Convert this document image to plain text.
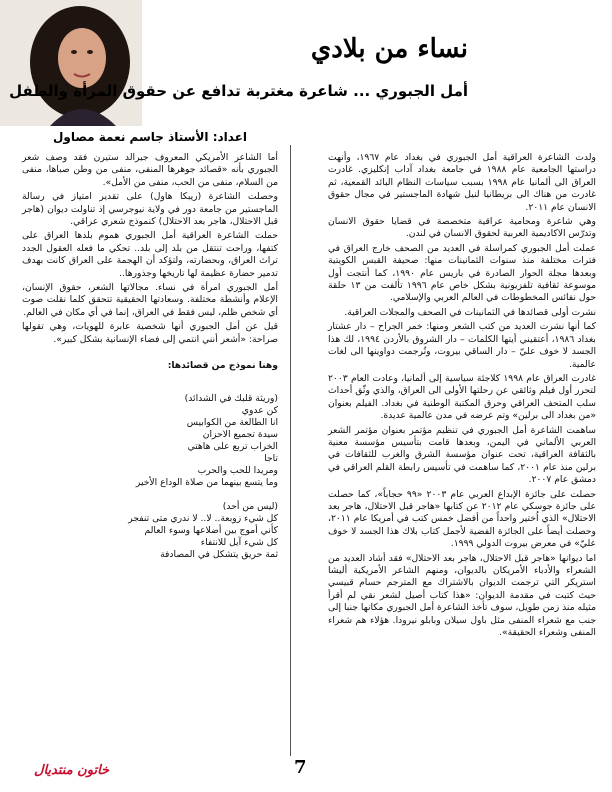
نساء من بلادي
أمل الجبوري ... شاعرة مغتربة تدافع عن حقوق المرأة والطفل
اعداد: الأستاذ جاسم نعمة مصاول

ولدت الشاعرة العراقية أمل الجبوري في بغداد عام ١٩٦٧، وأنهت دراستها الجامعية عام ١٩٨٨ في جامعة بغداد آداب إنكليزي. غادرت العراق الى ألمانيا عام ١٩٩٨ بسبب سياسات النظام البائد القمعية، ثم غادرت من هناك الى بريطانيا لنيل شهادة الماجستير في مجال حقوق الانسان عام ٢٠١١.

وهي شاعرة ومحامية عراقية متخصصة في قضايا حقوق الانسان وتدرّس الاكاديمية العربية لحقوق الانسان في لندن.

عملت أمل الجبوري كمراسلة في العديد من الصحف خارج العراق في فترات مختلفة منذ سنوات الثمانينات منها: صحيفة القبس الكويتية وبعدها مجلة الحوار الصادرة في باريس عام ١٩٩٠، كما أنتجت أول موسوعة ثقافية تلفزيونية بشكل خاص عام ١٩٩٦ تألفت من ١٣ حلقة حول نفائس المخطوطات في العالم العربي والإسلامي.

نشرت أولى قصائدها في الثمانينات في الصحف والمجلات العراقية.

كما أنها نشرت العديد من كتب الشعر ومنها: خمر الجراح – دار عشتار بغداد ١٩٨٦، أعتقيني أيتها الكلمات – دار الشروق بالأردن ١٩٩٤، لك هذا الجسد لا خوف عليّ – دار الساقي بيروت، وتُرجمت دواوينها الى لغات عالمية.

غادرت العراق عام ١٩٩٨ كلاجئة سياسية إلى ألمانيا، وعادت العام ٢٠٠٣ لتحرر أول فيلم وثائقي عن رحلتها الأولى الى العراق، والذي وثّق أحداث سلب المتحف العراقي وحرق المكتبة الوطنية في بغداد. الفيلم بعنوان «من بغداد الى برلين» وتم عرضه في مدن عالمية عديدة.

ساهمت الشاعرة أمل الجبوري في تنظيم مؤتمر بعنوان مؤتمر الشعر العربي الألماني في اليمن، وبعدها قامت بتأسيس مؤسسة معنية بالثقافة العراقية، تحت عنوان مؤسسة الشرق والغرب للثقافات في برلين منذ عام ٢٠٠١، كما ساهمت في تأسيس رابطة القلم العراقي في دمشق عام ٢٠٠٧.

حصلت على جائزة الإبداع العربي عام ٢٠٠٣ «٩٩ حجاباً»، كما حصلت على جائزة جوسكي عام ٢٠١٢ عن كتابها «هاجر قبل الاحتلال، هاجر بعد الاحتلال» الذي اُختير واحداً من أفضل خمس كتب في أمريكا عام ٢٠١١، وحصلت أيضاً على الجائزة الفضية لأجمل كتاب بلاك هذا الجسد لا خوف عليّ» في معرض بيروت الدولي ١٩٩٩.

اما ديوانها «هاجر قبل الاحتلال، هاجر بعد الاحتلال» فقد أشاد العديد من الشعراء والأدباء الأمريكان بالديوان، ومنهم الشاعر الأمريكية أليشا استريكر التي ترجمت الديوان بالاشتراك مع المترجم حسام قبيسي حيث كتبت في مقدمة الديوان: «هذا كتاب أصيل لشعر نقي لم أقرأ مثيله منذ زمن طويل، سوف تأخذ الشاعرة أمل الجبوري مكانها جنبا إلى جنب مع شعراء المنفى مثل باول سيلان وبابلو نيرودا. هؤلاء هم شعراء المنفى وشعراء الحقيقة».

أما الشاعر الأمريكي المعروف جيرالد ستيرن فقد وصف شعر الجبوري بأنه «قصائد جوهرها المنفى، منفى من وطن صباها، منفى من السلام، منفى من الحب، منفى من الأمل».

وحصلت الشاعرة (ريبكا هاول) على تقدير امتياز في رسالة الماجستير من جامعة دور في ولاية نيوجرسي إذ تناولت ديوان (هاجر قبل الاحتلال، هاجر بعد الاحتلال) كنموذج شعري عراقي.

حملت الشاعرة العراقية أمل الجبوري هموم بلدها العراق على كتفها، وراحت تنتقل من بلد إلى بلد.. تحكي ما فعله العقول الجدد تراث العراق، وبحضارته، ولتؤكد أن الهجمة على العراق كانت بهدف تدمير حضارة عظيمة لها تاريخها وجذورها..

أمل الجبوري امرأة في نساء. مجالاتها الشعر، حقوق الإنسان، الإعلام وأنشطة مختلفة. وسعادتها الحقيقية تتحقق كلما نقلت صوت أي شخص ظلم، ليس فقط في العراق، إنما في أي مكان في العالم.

قيل عن أمل الجبوري أنها شخصية عابرة للهويات، وهي تقولها صراحة: «أشعر أنني انتمي إلى فضاء الإنسانية بشكل كبير».

وهنا نموذج من قصائدها:

(وريثة قلبك في الشدائد)
كن عدوي
انا الطالعة من الكوابيس
سيدة تجميع الاحزان
الخراب تربع على هاهتي
تاجا
ومريدا للحب والحرب
وما يتسع بينهما من صلاة الوداع الأخير
(ليس من أحد)
كل شيء زوبعة.. لا.. لا ندري متى تنفجر
كأني أموج بين أضلاعها وسوء العالم
كل شيء آيل للانتفاء
ثمة حريق يتشكل في المصادفة

7
خاتون منتدیال
